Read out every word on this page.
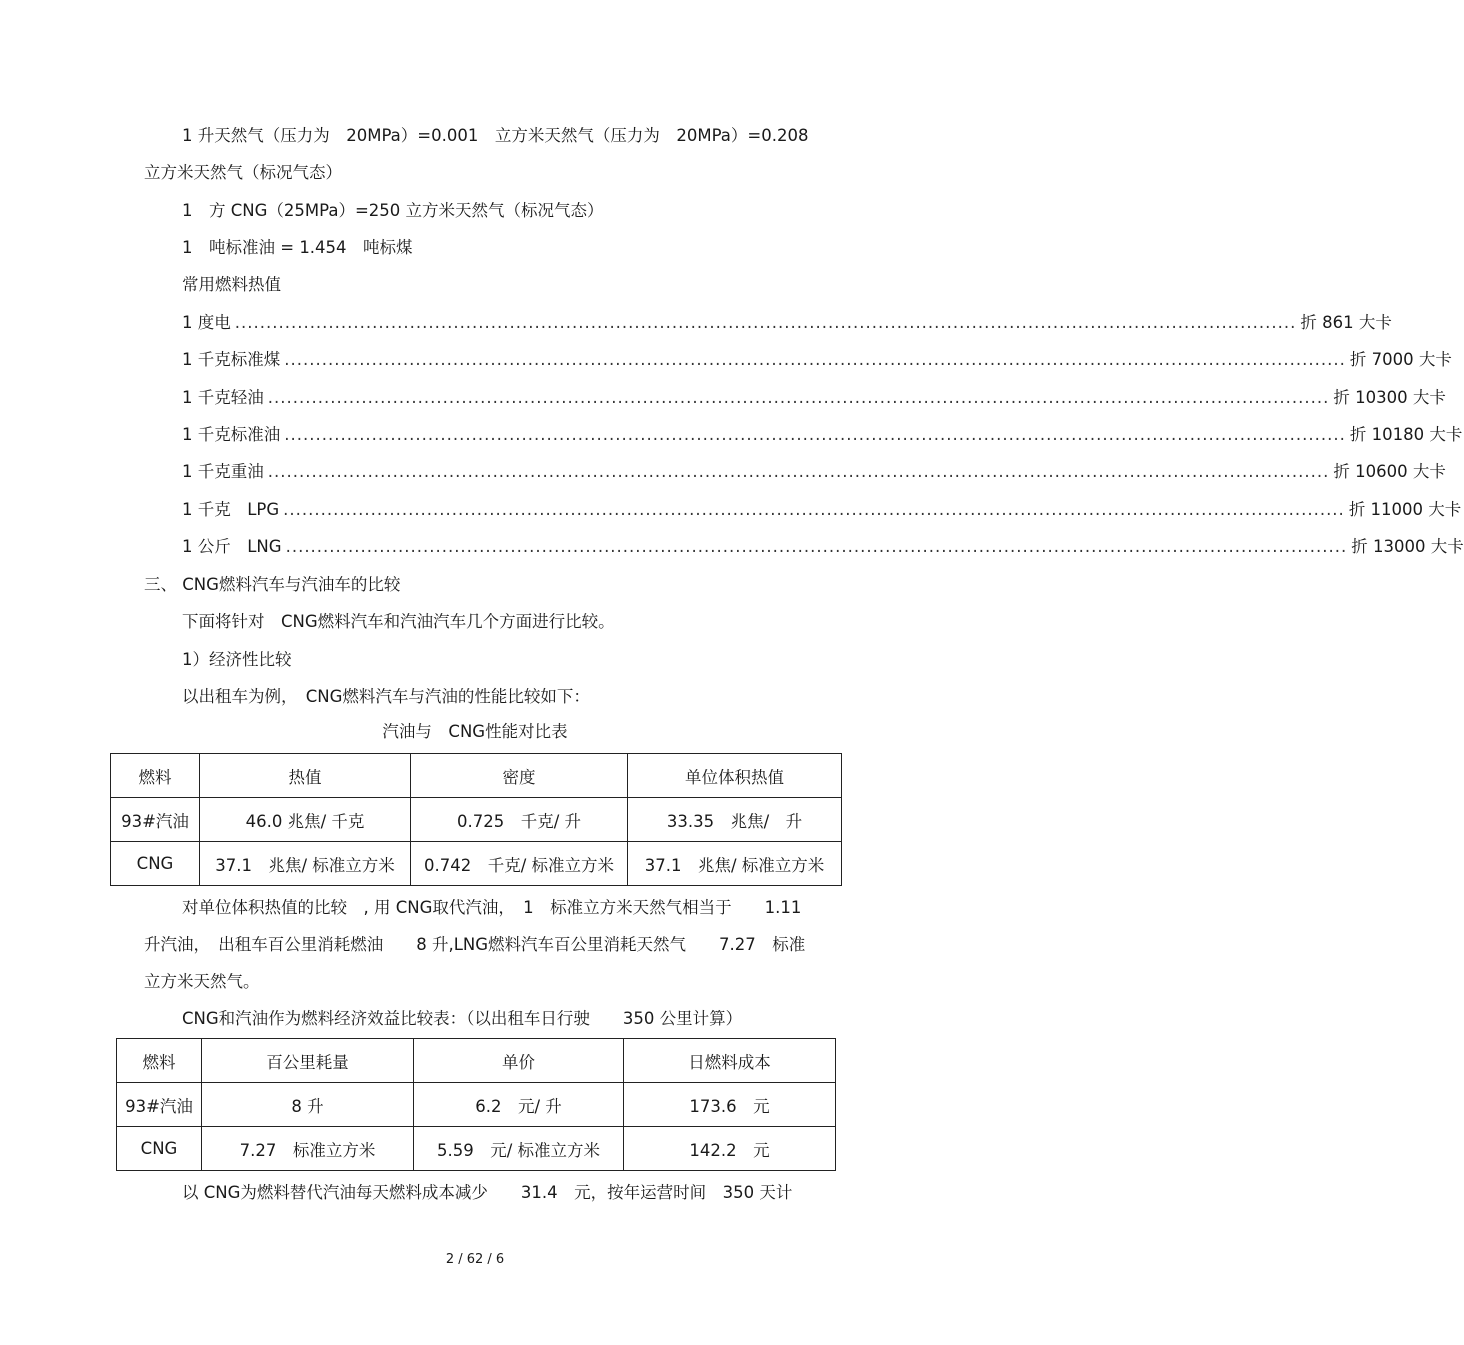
1 升天然气（压力为　20MPa）=0.001　立方米天然气（压力为　20MPa）=0.208
立方米天然气（标况气态）
1　方 CNG（25MPa）=250 立方米天然气（标况气态）
1　吨标准油 = 1.454　吨标煤
常用燃料热值
1 度电 .......................................................................................................................................................................... 折 861 大卡
1 千克标准煤 .......................................................................................................................................................................... 折 7000 大卡
1 千克轻油 .......................................................................................................................................................................... 折 10300 大卡
1 千克标准油 .......................................................................................................................................................................... 折 10180 大卡
1 千克重油 .......................................................................................................................................................................... 折 10600 大卡
1 千克　LPG .......................................................................................................................................................................... 折 11000 大卡
1 公斤　LNG .......................................................................................................................................................................... 折 13000 大卡
三、 CNG燃料汽车与汽油车的比较
下面将针对　CNG燃料汽车和汽油汽车几个方面进行比较。
1）经济性比较
以出租车为例，　CNG燃料汽车与汽油的性能比较如下：
汽油与　CNG性能对比表
燃料	热值	密度	单位体积热值
93#汽油	46.0 兆焦/ 千克	0.725　千克/ 升	33.35　兆焦/　升
CNG	37.1　兆焦/ 标准立方米	0.742　千克/ 标准立方米	37.1　兆焦/ 标准立方米
对单位体积热值的比较　, 用 CNG取代汽油，　1　标准立方米天然气相当于　　1.11
升汽油，　出租车百公里消耗燃油　　8 升,LNG燃料汽车百公里消耗天然气　　7.27　标准
立方米天然气。
CNG和汽油作为燃料经济效益比较表：（以出租车日行驶　　350 公里计算）
燃料	百公里耗量	单价	日燃料成本
93#汽油	8 升	6.2　元/ 升	173.6　元
CNG	7.27　标准立方米	5.59　元/ 标准立方米	142.2　元
以 CNG为燃料替代汽油每天燃料成本减少　　31.4　元，按年运营时间　350 天计
2 / 62 / 6
